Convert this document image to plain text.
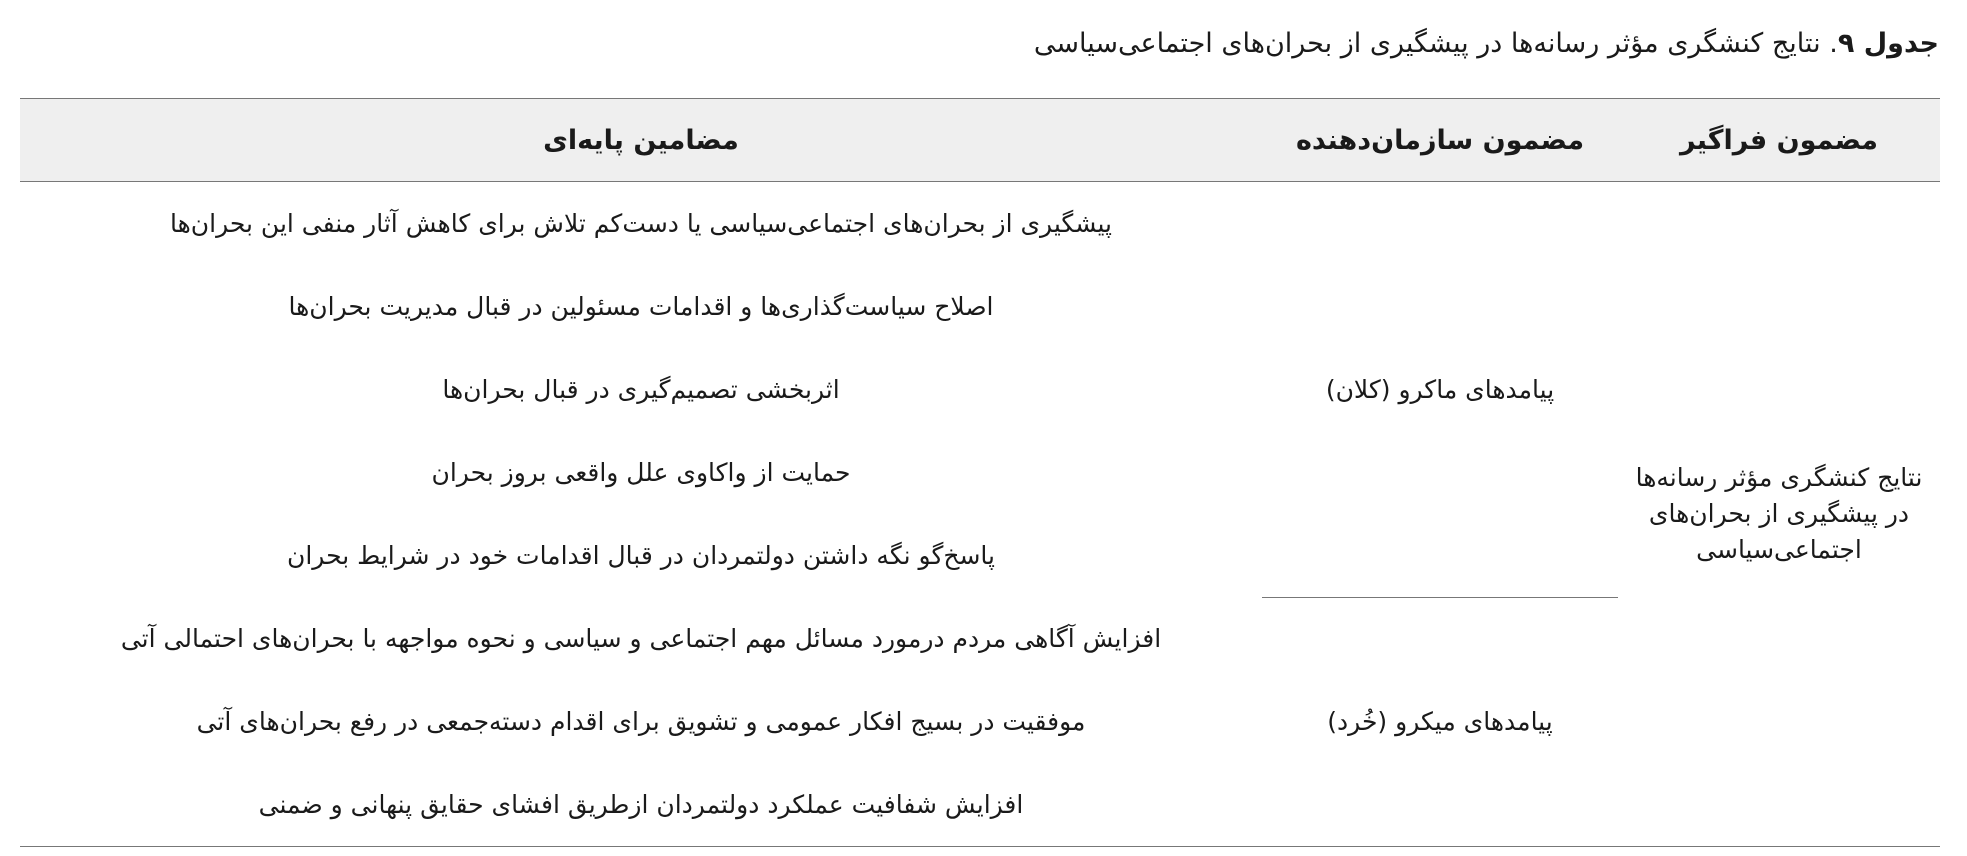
جدول ۹. نتایج کنشگری مؤثر رسانه‌ها در پیشگیری از بحران‌های اجتماعی‌سیاسی
مضمون فراگیر	مضمون سازمان‌دهنده	مضامین پایه‌ای
نتایج کنشگری مؤثر رسانه‌ها در پیشگیری از بحران‌های اجتماعی‌سیاسی	پیامدهای ماکرو (کلان)	پیشگیری از بحران‌های اجتماعی‌سیاسی یا دست‌کم تلاش برای کاهش آثار منفی این بحران‌ها
		اصلاح سیاست‌گذاری‌ها و اقدامات مسئولین در قبال مدیریت بحران‌ها
		اثربخشی تصمیم‌گیری در قبال بحران‌ها
		حمایت از واکاوی علل واقعی بروز بحران
		پاسخ‌گو نگه داشتن دولتمردان در قبال اقدامات خود در شرایط بحران
	پیامدهای میکرو (خُرد)	افزایش آگاهی مردم درمورد مسائل مهم اجتماعی و سیاسی و نحوه مواجهه با بحران‌های احتمالی آتی
		موفقیت در بسیج افکار عمومی و تشویق برای اقدام دسته‌جمعی در رفع بحران‌های آتی
		افزایش شفافیت عملکرد دولتمردان ازطریق افشای حقایق پنهانی و ضمنی
